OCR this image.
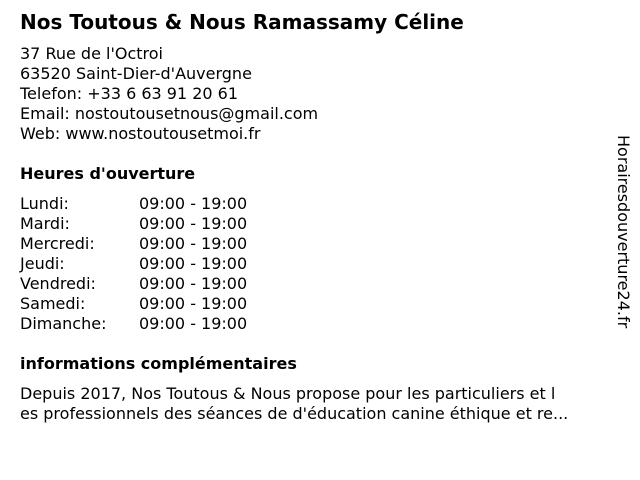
Nos Toutous & Nous Ramassamy Céline
37 Rue de l'Octroi
63520 Saint-Dier-d'Auvergne
Telefon: +33 6 63 91 20 61
Email: nostoutousetnous@gmail.com
Web: www.nostoutousetmoi.fr
Heures d'ouverture
Lundi:	09:00 - 19:00
Mardi:	09:00 - 19:00
Mercredi:	09:00 - 19:00
Jeudi:	09:00 - 19:00
Vendredi:	09:00 - 19:00
Samedi:	09:00 - 19:00
Dimanche: 09:00 - 19:00
informations complémentaires
Depuis 2017, Nos Toutous & Nous propose pour les particuliers et l
es professionnels des séances de d'éducation canine éthique et re...
Horairesdouverture24.fr
